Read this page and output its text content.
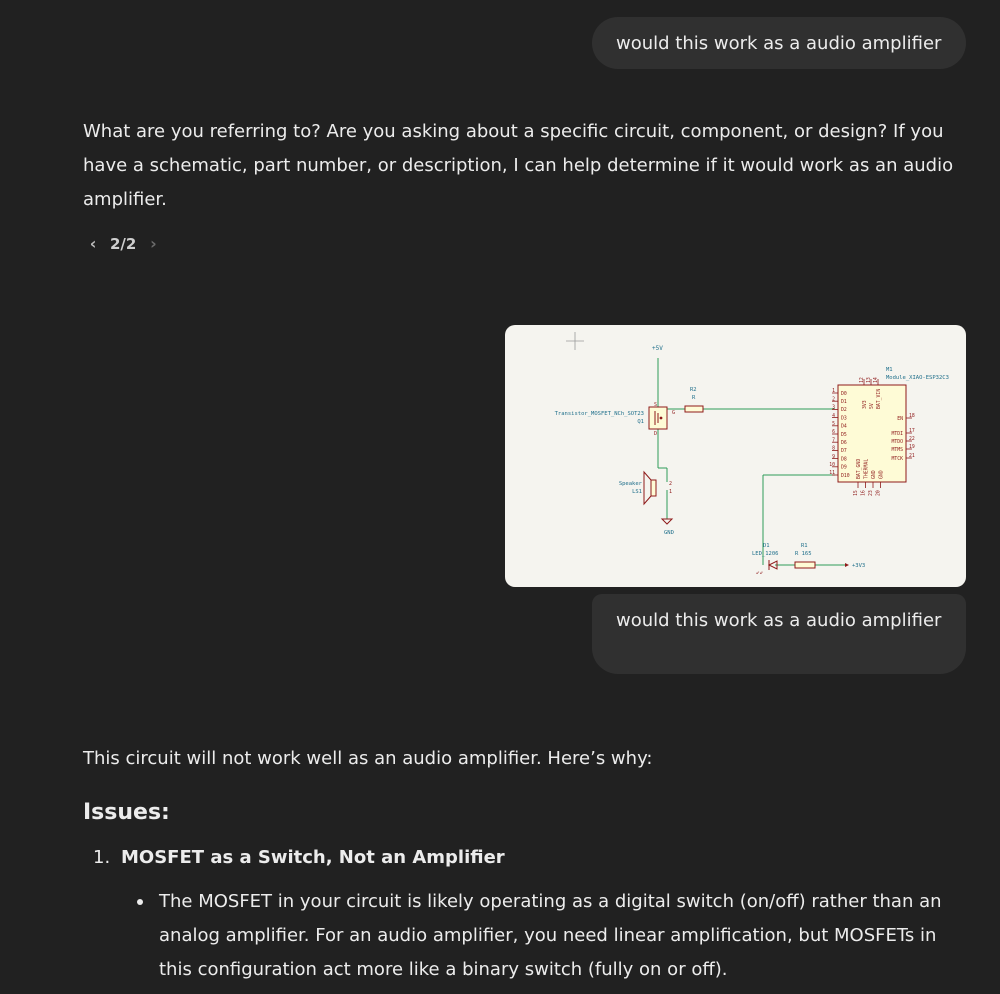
would this work as a audio amplifier
What are you referring to? Are you asking about a specific circuit, component, or design? If you have a schematic, part number, or description, I can help determine if it would work as an audio amplifier.
‹ 2/2 ›
+5V
S
G
D
Transistor_MOSFET_NCh_SOT23
Q1
R2
R
2
1
Speaker
LS1
GND
M1
Module_XIAO-ESP32C3
D0
1
D1
2
D2
3
D3
4
D4
5
D5
6
D6
7
D7
8
D8
9
D9
10
D10
11
3V3
12
5V
13
BAT_VIN
14
EN
18
MTDI
17
MTDO
22
MTMS
19
MTCK
21
BAT_GND
15
THERMAL
16
GND
23
GND
20
D1
LED_1206
⇙⇙
R1
R 165
+3V3
would this work as a audio amplifier
This circuit will not work well as an audio amplifier. Here’s why:
Issues:
1. MOSFET as a Switch, Not an Amplifier
The MOSFET in your circuit is likely operating as a digital switch (on/off) rather than an analog amplifier. For an audio amplifier, you need linear amplification, but MOSFETs in this configuration act more like a binary switch (fully on or off).
